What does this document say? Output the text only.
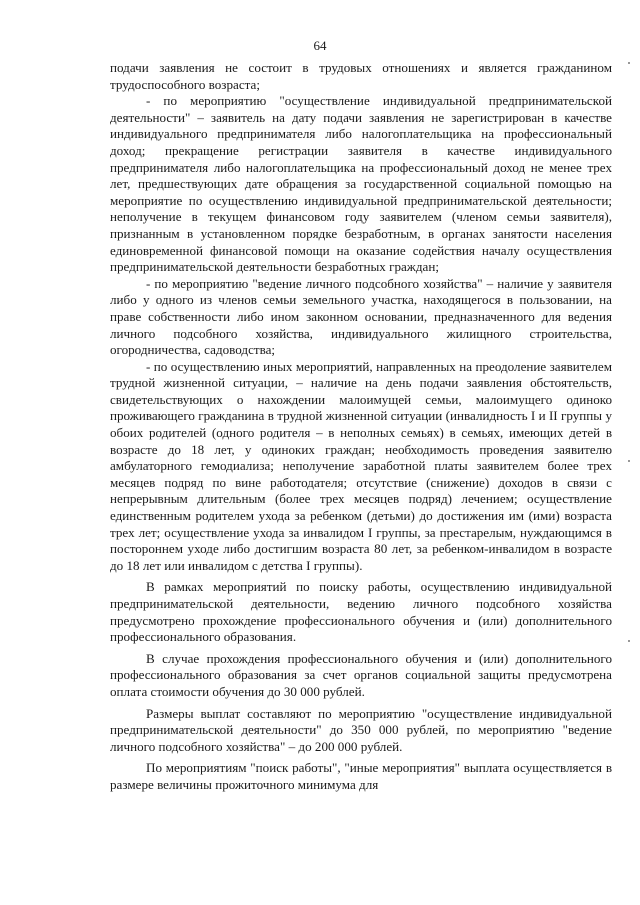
64

подачи заявления не состоит в трудовых отношениях и является гражданином трудоспособного возраста;

- по мероприятию "осуществление индивидуальной предпринимательской деятельности" – заявитель на дату подачи заявления не зарегистрирован в качестве индивидуального предпринимателя либо налогоплательщика на профессиональный доход; прекращение регистрации заявителя в качестве индивидуального предпринимателя либо налогоплательщика на профессиональный доход не менее трех лет, предшествующих дате обращения за государственной социальной помощью на мероприятие по осуществлению индивидуальной предпринимательской деятельности; неполучение в текущем финансовом году заявителем (членом семьи заявителя), признанным в установленном порядке безработным, в органах занятости населения единовременной финансовой помощи на оказание содействия началу осуществления предпринимательской деятельности безработных граждан;

- по мероприятию "ведение личного подсобного хозяйства" – наличие у заявителя либо у одного из членов семьи земельного участка, находящегося в пользовании, на праве собственности либо ином законном основании, предназначенного для ведения личного подсобного хозяйства, индивидуального жилищного строительства, огородничества, садоводства;

- по осуществлению иных мероприятий, направленных на преодоление заявителем трудной жизненной ситуации, – наличие на день подачи заявления обстоятельств, свидетельствующих о нахождении малоимущей семьи, малоимущего одиноко проживающего гражданина в трудной жизненной ситуации (инвалидность I и II группы у обоих родителей (одного родителя – в неполных семьях) в семьях, имеющих детей в возрасте до 18 лет, у одиноких граждан; необходимость проведения заявителю амбулаторного гемодиализа; неполучение заработной платы заявителем более трех месяцев подряд по вине работодателя; отсутствие (снижение) доходов в связи с непрерывным длительным (более трех месяцев подряд) лечением; осуществление единственным родителем ухода за ребенком (детьми) до достижения им (ими) возраста трех лет; осуществление ухода за инвалидом I группы, за престарелым, нуждающимся в постороннем уходе либо достигшим возраста 80 лет, за ребенком-инвалидом в возрасте до 18 лет или инвалидом с детства I группы).

В рамках мероприятий по поиску работы, осуществлению индивидуальной предпринимательской деятельности, ведению личного подсобного хозяйства предусмотрено прохождение профессионального обучения и (или) дополнительного профессионального образования.

В случае прохождения профессионального обучения и (или) дополнительного профессионального образования за счет органов социальной защиты предусмотрена оплата стоимости обучения до 30 000 рублей.

Размеры выплат составляют по мероприятию "осуществление индивидуальной предпринимательской деятельности" до 350 000 рублей, по мероприятию "ведение личного подсобного хозяйства" – до 200 000 рублей.

По мероприятиям "поиск работы", "иные мероприятия" выплата осуществляется в размере величины прожиточного минимума для
